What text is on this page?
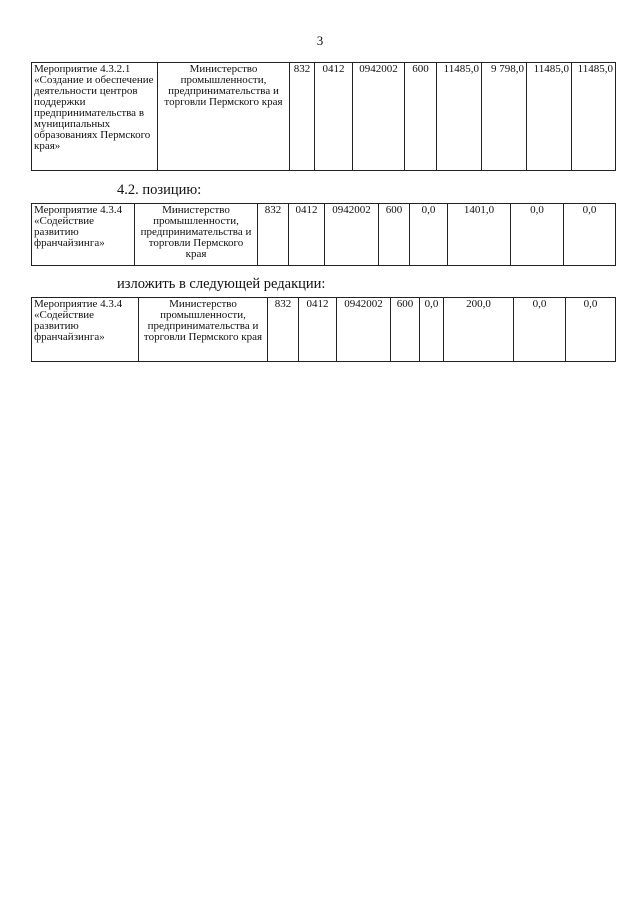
3
Мероприятие 4.3.2.1 «Создание и обеспечение деятельности центров поддержки предпринимательства в муниципальных образованиях Пермского края»	Министерство промышленности, предпринимательства и торговли Пермского края	832	0412	0942002	600	11485,0	9 798,0	11485,0	11485,0
4.2. позицию:
Мероприятие 4.3.4 «Содействие развитию франчайзинга»	Министерство промышленности, предпринимательства и торговли Пермского края	832	0412	0942002	600	0,0	1401,0	0,0	0,0
изложить в следующей редакции:
Мероприятие 4.3.4 «Содействие развитию франчайзинга»	Министерство промышленности, предпринимательства и торговли Пермского края	832	0412	0942002	600	0,0	200,0	0,0	0,0
